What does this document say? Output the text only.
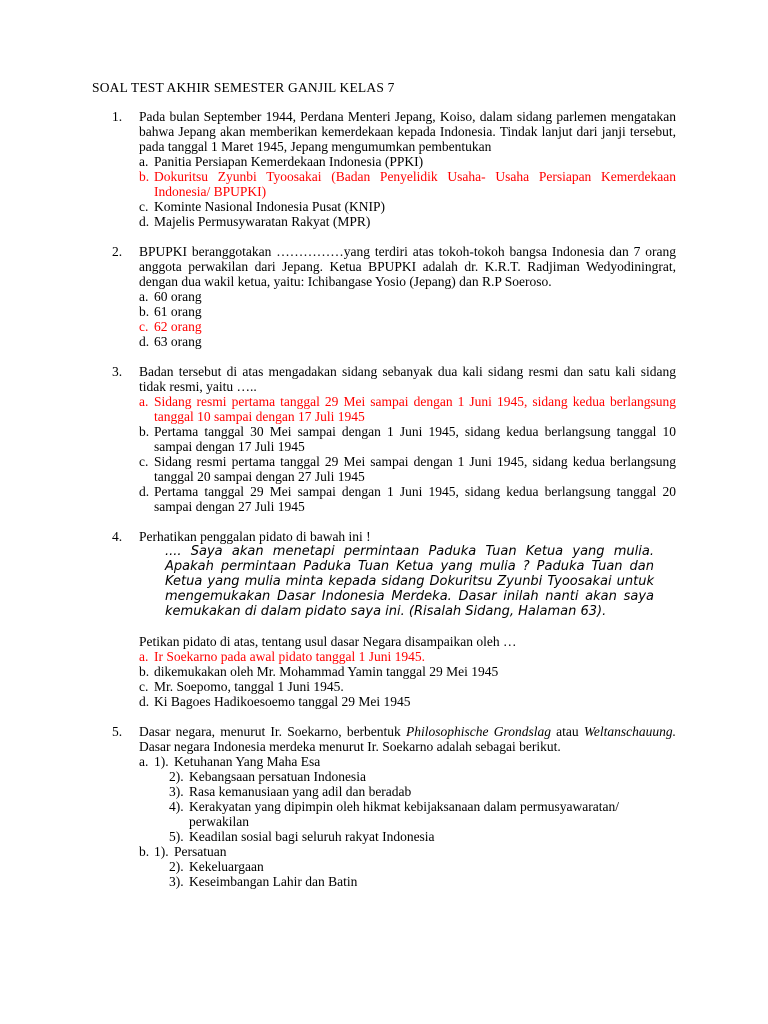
SOAL TEST AKHIR SEMESTER GANJIL KELAS 7
1.	Pada bulan September 1944, Perdana Menteri Jepang, Koiso, dalam sidang parlemen mengatakan bahwa Jepang akan memberikan kemerdekaan kepada Indonesia. Tindak lanjut dari janji tersebut, pada tanggal 1 Maret 1945, Jepang mengumumkan pembentukan
a. Panitia Persiapan Kemerdekaan Indonesia (PPKI)
b. Dokuritsu Zyunbi Tyoosakai (Badan Penyelidik Usaha- Usaha Persiapan Kemerdekaan Indonesia/ BPUPKI)
c. Kominte Nasional Indonesia Pusat (KNIP)
d. Majelis Permusywaratan Rakyat (MPR)
2.	BPUPKI beranggotakan ……………yang terdiri atas tokoh-tokoh bangsa Indonesia dan 7 orang anggota perwakilan dari Jepang. Ketua BPUPKI adalah dr. K.R.T. Radjiman Wedyodiningrat, dengan dua wakil ketua, yaitu: Ichibangase Yosio (Jepang) dan R.P Soeroso.
a. 60 orang
b. 61 orang
c. 62 orang
d. 63 orang
3.	Badan tersebut di atas mengadakan sidang sebanyak dua kali sidang resmi dan satu kali sidang tidak resmi, yaitu …..
a. Sidang resmi pertama tanggal 29 Mei sampai dengan 1 Juni 1945, sidang kedua berlangsung tanggal 10 sampai dengan 17 Juli 1945
b. Pertama tanggal 30 Mei sampai dengan 1 Juni 1945, sidang kedua berlangsung tanggal 10 sampai dengan 17 Juli 1945
c. Sidang resmi pertama tanggal 29 Mei sampai dengan 1 Juni 1945, sidang kedua berlangsung tanggal 20 sampai dengan 27 Juli 1945
d. Pertama tanggal 29 Mei sampai dengan 1 Juni 1945, sidang kedua berlangsung tanggal 20 sampai dengan 27 Juli 1945
4.	Perhatikan penggalan pidato di bawah ini !
.... Saya akan menetapi permintaan Paduka Tuan Ketua yang mulia. Apakah permintaan Paduka Tuan Ketua yang mulia ? Paduka Tuan dan Ketua yang mulia minta kepada sidang Dokuritsu Zyunbi Tyoosakai untuk mengemukakan Dasar Indonesia Merdeka. Dasar inilah nanti akan saya kemukakan di dalam pidato saya ini. (Risalah Sidang, Halaman 63).
Petikan pidato di atas, tentang usul dasar Negara disampaikan oleh …
a. Ir Soekarno pada awal pidato tanggal 1 Juni 1945.
b. dikemukakan oleh Mr. Mohammad Yamin tanggal 29 Mei 1945
c. Mr. Soepomo, tanggal 1 Juni 1945.
d. Ki Bagoes Hadikoesoemo tanggal 29 Mei 1945
5.	Dasar negara, menurut Ir. Soekarno, berbentuk Philosophische Grondslag atau Weltanschauung. Dasar negara Indonesia merdeka menurut Ir. Soekarno adalah sebagai berikut.
a. 1). Ketuhanan Yang Maha Esa
2). Kebangsaan persatuan Indonesia
3). Rasa kemanusiaan yang adil dan beradab
4). Kerakyatan yang dipimpin oleh hikmat kebijaksanaan dalam permusyawaratan/
perwakilan
5). Keadilan sosial bagi seluruh rakyat Indonesia
b. 1). Persatuan
2). Kekeluargaan
3). Keseimbangan Lahir dan Batin
